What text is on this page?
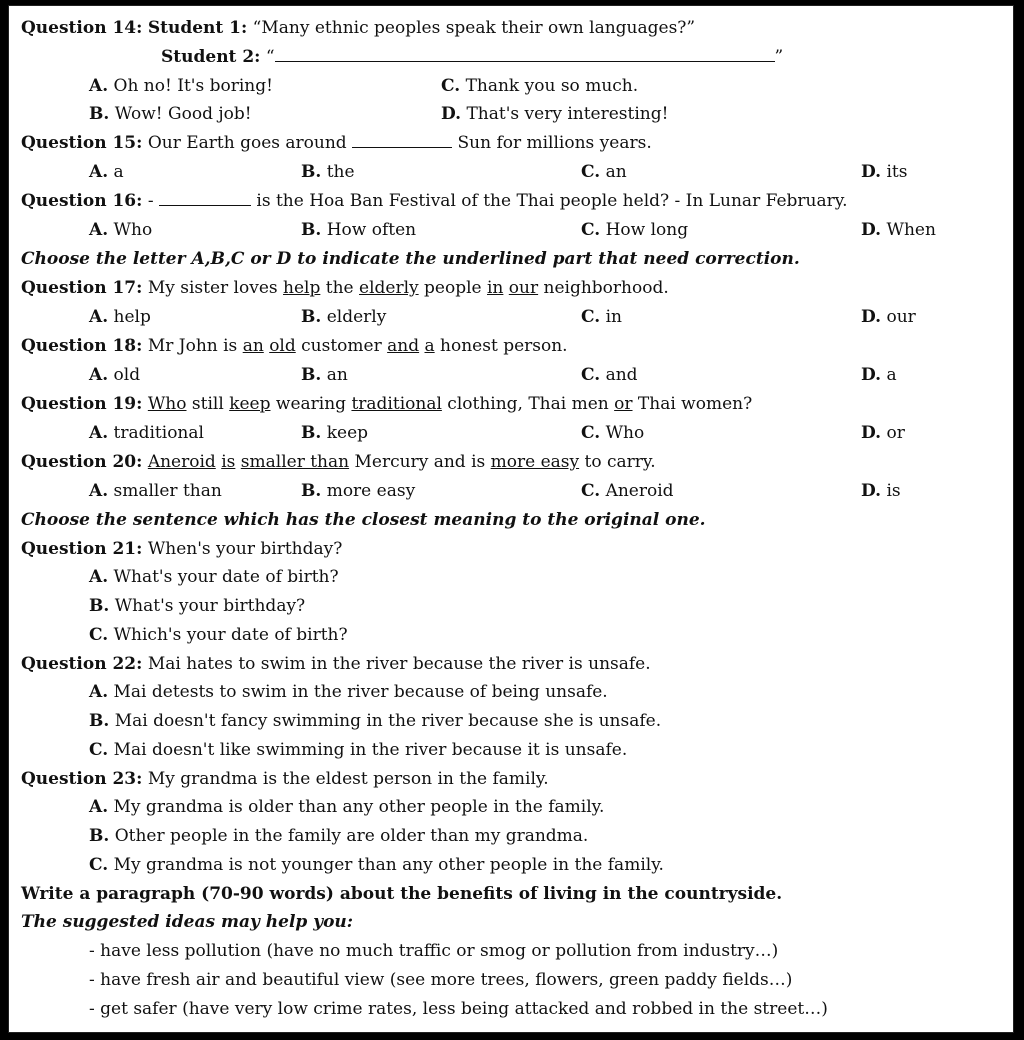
Question 14: Student 1: “Many ethnic peoples speak their own languages?”
Student 2: “	”
A. Oh no! It's boring!	C. Thank you so much.
B. Wow! Good job!	D. That's very interesting!
Question 15: Our Earth goes around	Sun for millions years.
A. a	B. the	C. an	D. its
Question 16: -	is the Hoa Ban Festival of the Thai people held? - In Lunar February.
A. Who	B. How often	C. How long	D. When
Choose the letter A,B,C or D to indicate the underlined part that need correction.
Question 17: My sister loves help the elderly people in our neighborhood.
A. help	B. elderly	C. in	D. our
Question 18: Mr John is an old customer and a honest person.
A. old	B. an	C. and	D. a
Question 19: Who still keep wearing traditional clothing, Thai men or Thai women?
A. traditional	B. keep	C. Who	D. or
Question 20: Aneroid is smaller than Mercury and is more easy to carry.
A. smaller than	B. more easy	C. Aneroid	D. is
Choose the sentence which has the closest meaning to the original one.
Question 21: When's your birthday?
A. What's your date of birth?
B. What's your birthday?
C. Which's your date of birth?
Question 22: Mai hates to swim in the river because the river is unsafe.
A. Mai detests to swim in the river because of being unsafe.
B. Mai doesn't fancy swimming in the river because she is unsafe.
C. Mai doesn't like swimming in the river because it is unsafe.
Question 23: My grandma is the eldest person in the family.
A. My grandma is older than any other people in the family.
B. Other people in the family are older than my grandma.
C. My grandma is not younger than any other people in the family.
Write a paragraph (70-90 words) about the benefits of living in the countryside.
The suggested ideas may help you:
- have less pollution (have no much traffic or smog or pollution from industry…)
- have fresh air and beautiful view (see more trees, flowers, green paddy fields…)
- get safer (have very low crime rates, less being attacked and robbed in the street…)
